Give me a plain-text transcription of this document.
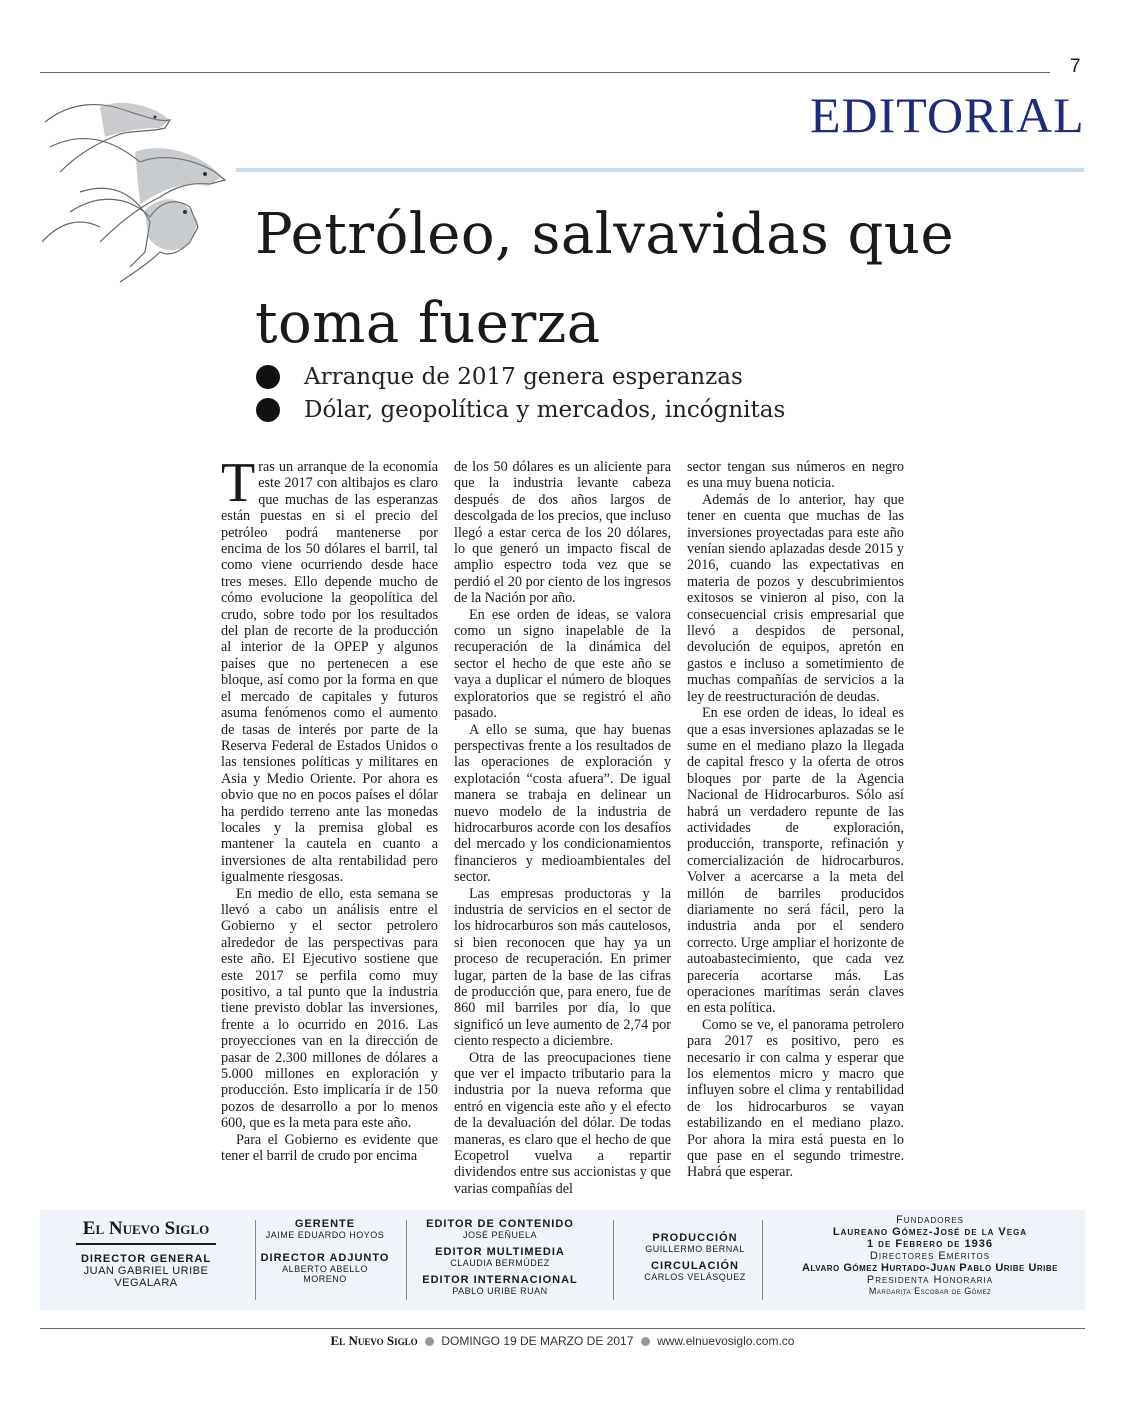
7
EDITORIAL
Petróleo, salvavidas que toma fuerza
Arranque de 2017 genera esperanzas
Dólar, geopolítica y mercados, incógnitas

Tras un arranque de la economía este 2017 con altibajos es claro que muchas de las esperanzas están puestas en si el precio del petróleo podrá mantenerse por encima de los 50 dólares el barril, tal como viene ocurriendo desde hace tres meses. Ello depende mucho de cómo evolucione la geopolítica del crudo, sobre todo por los resultados del plan de recorte de la producción al interior de la OPEP y algunos países que no pertenecen a ese bloque, así como por la forma en que el mercado de capitales y futuros asuma fenómenos como el aumento de tasas de interés por parte de la Reserva Federal de Estados Unidos o las tensiones políticas y militares en Asia y Medio Oriente. Por ahora es obvio que no en pocos países el dólar ha perdido terreno ante las monedas locales y la premisa global es mantener la cautela en cuanto a inversiones de alta rentabilidad pero igualmente riesgosas.

En medio de ello, esta semana se llevó a cabo un análisis entre el Gobierno y el sector petrolero alrededor de las perspectivas para este año. El Ejecutivo sostiene que este 2017 se perfila como muy positivo, a tal punto que la industria tiene previsto doblar las inversiones, frente a lo ocurrido en 2016. Las proyecciones van en la dirección de pasar de 2.300 millones de dólares a 5.000 millones en exploración y producción. Esto implicaría ir de 150 pozos de desarrollo a por lo menos 600, que es la meta para este año.

Para el Gobierno es evidente que tener el barril de crudo por encima

de los 50 dólares es un aliciente para que la industria levante cabeza después de dos años largos de descolgada de los precios, que incluso llegó a estar cerca de los 20 dólares, lo que generó un impacto fiscal de amplio espectro toda vez que se perdió el 20 por ciento de los ingresos de la Nación por año.

En ese orden de ideas, se valora como un signo inapelable de la recuperación de la dinámica del sector el hecho de que este año se vaya a duplicar el número de bloques exploratorios que se registró el año pasado.

A ello se suma, que hay buenas perspectivas frente a los resultados de las operaciones de exploración y explotación “costa afuera”. De igual manera se trabaja en delinear un nuevo modelo de la industria de hidrocarburos acorde con los desafíos del mercado y los condicionamientos financieros y medioambientales del sector.

Las empresas productoras y la industria de servicios en el sector de los hidrocarburos son más cautelosos, si bien reconocen que hay ya un proceso de recuperación. En primer lugar, parten de la base de las cifras de producción que, para enero, fue de 860 mil barriles por día, lo que significó un leve aumento de 2,74 por ciento respecto a diciembre.

Otra de las preocupaciones tiene que ver el impacto tributario para la industria por la nueva reforma que entró en vigencia este año y el efecto de la devaluación del dólar. De todas maneras, es claro que el hecho de que Ecopetrol vuelva a repartir dividendos entre sus accionistas y que varias compañías del

sector tengan sus números en negro es una muy buena noticia.

Además de lo anterior, hay que tener en cuenta que muchas de las inversiones proyectadas para este año venían siendo aplazadas desde 2015 y 2016, cuando las expectativas en materia de pozos y descubrimientos exitosos se vinieron al piso, con la consecuencial crisis empresarial que llevó a despidos de personal, devolución de equipos, apretón en gastos e incluso a sometimiento de muchas compañías de servicios a la ley de reestructuración de deudas.

En ese orden de ideas, lo ideal es que a esas inversiones aplazadas se le sume en el mediano plazo la llegada de capital fresco y la oferta de otros bloques por parte de la Agencia Nacional de Hidrocarburos. Sólo así habrá un verdadero repunte de las actividades de exploración, producción, transporte, refinación y comercialización de hidrocarburos. Volver a acercarse a la meta del millón de barriles producidos diariamente no será fácil, pero la industria anda por el sendero correcto. Urge ampliar el horizonte de autoabastecimiento, que cada vez parecería acortarse más. Las operaciones marítimas serán claves en esta política.

Como se ve, el panorama petrolero para 2017 es positivo, pero es necesario ir con calma y esperar que los elementos micro y macro que influyen sobre el clima y rentabilidad de los hidrocarburos se vayan estabilizando en el mediano plazo. Por ahora la mira está puesta en lo que pase en el segundo trimestre. Habrá que esperar.

El Nuevo Siglo
DIRECTOR GENERAL
JUAN GABRIEL URIBE VEGALARA
GERENTE
JAIME EDUARDO HOYOS
DIRECTOR ADJUNTO
ALBERTO ABELLO MORENO
EDITOR DE CONTENIDO
JOSÉ PEÑUELA
EDITOR MULTIMEDIA
CLAUDIA BERMÚDEZ
EDITOR INTERNACIONAL
PABLO URIBE RUAN
PRODUCCIÓN
GUILLERMO BERNAL
CIRCULACIÓN
CARLOS VELÁSQUEZ
Fundadores
Laureano Gómez-José de la Vega
1 de Febrero de 1936
Directores Eméritos
Alvaro Gómez Hurtado-Juan Pablo Uribe Uribe
Presidenta Honoraria
Margarita Escobar de Gómez
El Nuevo Siglo DOMINGO 19 DE MARZO DE 2017 www.elnuevosiglo.com.co
